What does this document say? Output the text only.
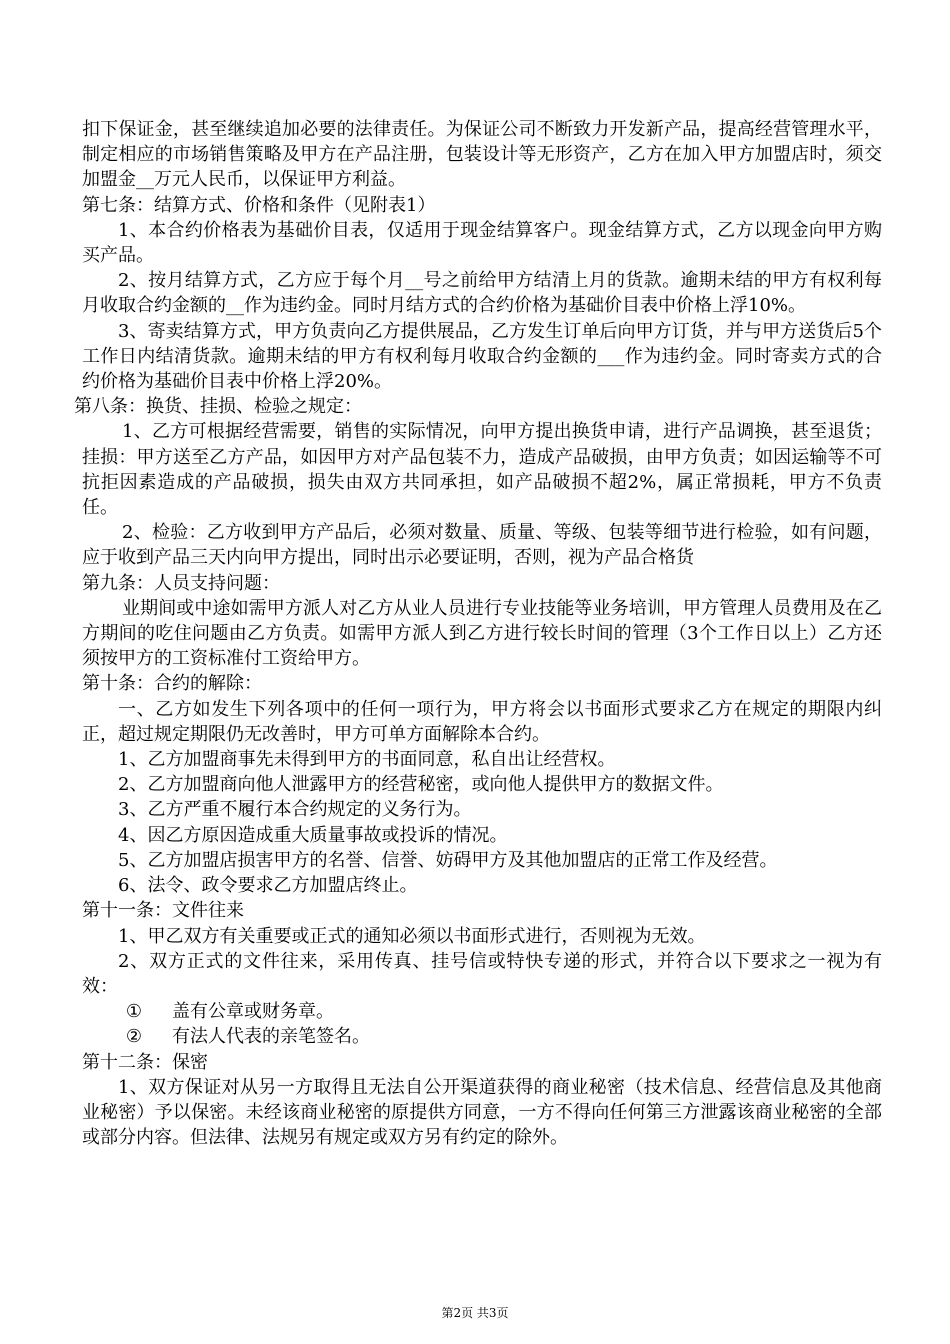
扣下保证金，甚至继续追加必要的法律责任。为保证公司不断致力开发新产品，提高经营管理水平，制定相应的市场销售策略及甲方在产品注册，包装设计等无形资产，乙方在加入甲方加盟店时，须交加盟金__万元人民币，以保证甲方利益。

第七条：结算方式、价格和条件（见附表1）

1、本合约价格表为基础价目表，仅适用于现金结算客户。现金结算方式，乙方以现金向甲方购买产品。

2、按月结算方式，乙方应于每个月__号之前给甲方结清上月的货款。逾期未结的甲方有权利每月收取合约金额的__作为违约金。同时月结方式的合约价格为基础价目表中价格上浮10%。

3、寄卖结算方式，甲方负责向乙方提供展品，乙方发生订单后向甲方订货，并与甲方送货后5个工作日内结清货款。逾期未结的甲方有权利每月收取合约金额的___作为违约金。同时寄卖方式的合约价格为基础价目表中价格上浮20%。

第八条：换货、挂损、检验之规定：

1、乙方可根据经营需要，销售的实际情况，向甲方提出换货申请，进行产品调换，甚至退货；挂损：甲方送至乙方产品，如因甲方对产品包装不力，造成产品破损，由甲方负责；如因运输等不可抗拒因素造成的产品破损，损失由双方共同承担，如产品破损不超2%，属正常损耗，甲方不负责任。

2、检验：乙方收到甲方产品后，必须对数量、质量、等级、包装等细节进行检验，如有问题，应于收到产品三天内向甲方提出，同时出示必要证明，否则，视为产品合格货

第九条：人员支持问题：

业期间或中途如需甲方派人对乙方从业人员进行专业技能等业务培训，甲方管理人员费用及在乙方期间的吃住问题由乙方负责。如需甲方派人到乙方进行较长时间的管理（3个工作日以上）乙方还须按甲方的工资标准付工资给甲方。

第十条：合约的解除：

一、乙方如发生下列各项中的任何一项行为，甲方将会以书面形式要求乙方在规定的期限内纠正，超过规定期限仍无改善时，甲方可单方面解除本合约。

1、乙方加盟商事先未得到甲方的书面同意，私自出让经营权。

2、乙方加盟商向他人泄露甲方的经营秘密，或向他人提供甲方的数据文件。

3、乙方严重不履行本合约规定的义务行为。

4、因乙方原因造成重大质量事故或投诉的情况。

5、乙方加盟店损害甲方的名誉、信誉、妨碍甲方及其他加盟店的正常工作及经营。

6、法令、政令要求乙方加盟店终止。

第十一条：文件往来

1、甲乙双方有关重要或正式的通知必须以书面形式进行，否则视为无效。

2、双方正式的文件往来，采用传真、挂号信或特快专递的形式，并符合以下要求之一视为有效：

① 盖有公章或财务章。

② 有法人代表的亲笔签名。

第十二条：保密

1、双方保证对从另一方取得且无法自公开渠道获得的商业秘密（技术信息、经营信息及其他商业秘密）予以保密。未经该商业秘密的原提供方同意，一方不得向任何第三方泄露该商业秘密的全部或部分内容。但法律、法规另有规定或双方另有约定的除外。

第2页 共3页
